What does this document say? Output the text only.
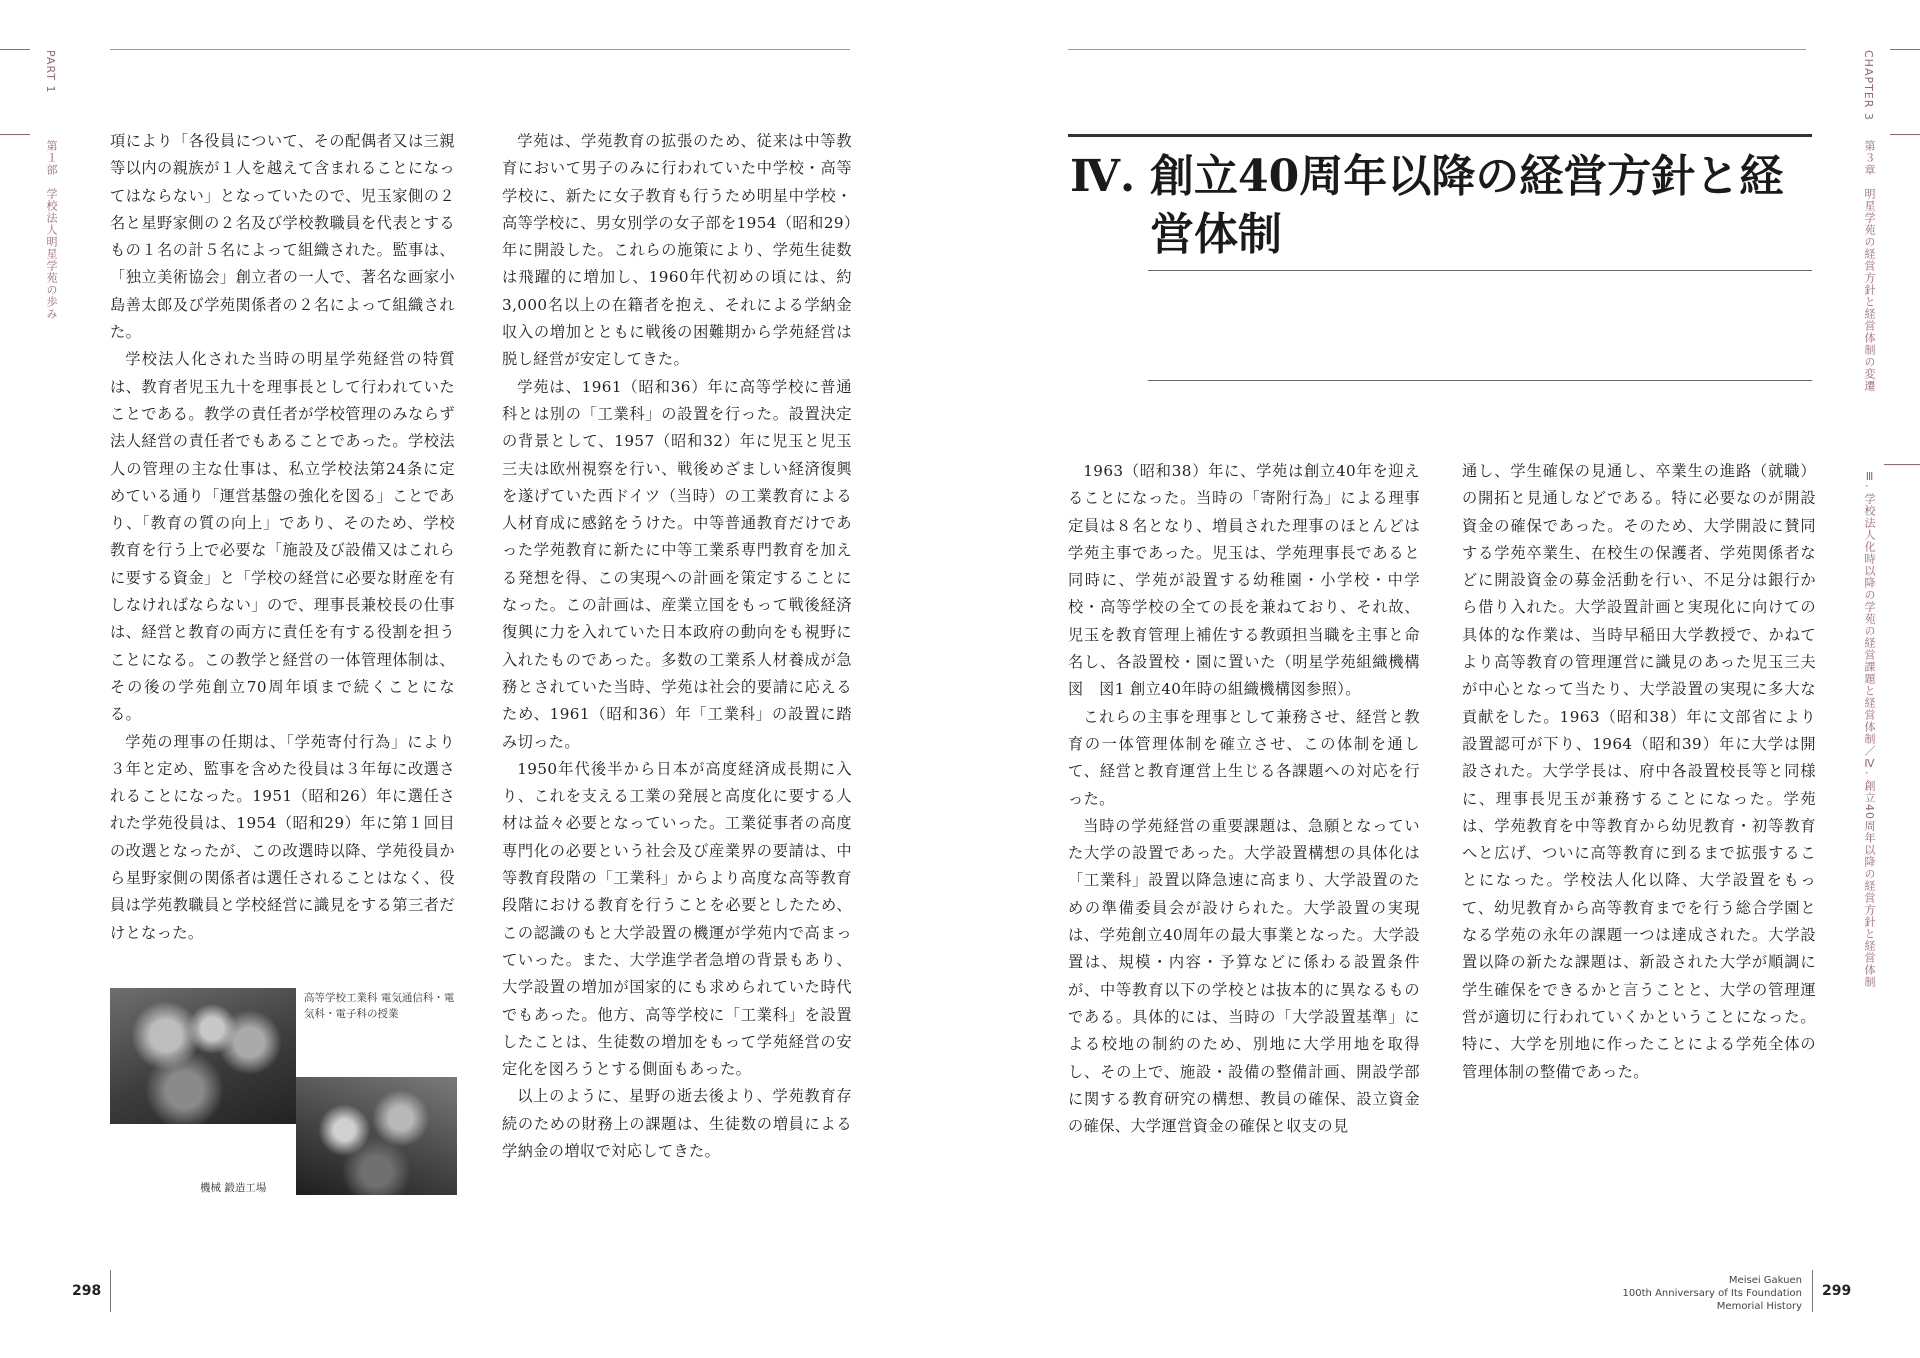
PART 1
第１部　学校法人明星学苑の歩み
CHAPTER 3
第３章　明星学苑の経営方針と経営体制の変遷
Ⅲ. 学校法人化時以降の学苑の経営課題と経営体制／Ⅳ. 創立40周年以降の経営方針と経営体制

項により「各役員について、その配偶者又は三親等以内の親族が１人を越えて含まれることになってはならない」となっていたので、児玉家側の２名と星野家側の２名及び学校教職員を代表とするもの１名の計５名によって組織された。監事は、「独立美術協会」創立者の一人で、著名な画家小島善太郎及び学苑関係者の２名によって組織された。

学校法人化された当時の明星学苑経営の特質は、教育者児玉九十を理事長として行われていたことである。教学の責任者が学校管理のみならず法人経営の責任者でもあることであった。学校法人の管理の主な仕事は、私立学校法第24条に定めている通り「運営基盤の強化を図る」ことであり、「教育の質の向上」であり、そのため、学校教育を行う上で必要な「施設及び設備又はこれらに要する資金」と「学校の経営に必要な財産を有しなければならない」ので、理事長兼校長の仕事は、経営と教育の両方に責任を有する役割を担うことになる。この教学と経営の一体管理体制は、その後の学苑創立70周年頃まで続くことになる。

学苑の理事の任期は、「学苑寄付行為」により３年と定め、監事を含めた役員は３年毎に改選されることになった。1951（昭和26）年に選任された学苑役員は、1954（昭和29）年に第１回目の改選となったが、この改選時以降、学苑役員から星野家側の関係者は選任されることはなく、役員は学苑教職員と学校経営に識見をする第三者だけとなった。

学苑は、学苑教育の拡張のため、従来は中等教育において男子のみに行われていた中学校・高等学校に、新たに女子教育も行うため明星中学校・高等学校に、男女別学の女子部を1954（昭和29）年に開設した。これらの施策により、学苑生徒数は飛躍的に増加し、1960年代初めの頃には、約3,000名以上の在籍者を抱え、それによる学納金収入の増加とともに戦後の困難期から学苑経営は脱し経営が安定してきた。

学苑は、1961（昭和36）年に高等学校に普通科とは別の「工業科」の設置を行った。設置決定の背景として、1957（昭和32）年に児玉と児玉三夫は欧州視察を行い、戦後めざましい経済復興を遂げていた西ドイツ（当時）の工業教育による人材育成に感銘をうけた。中等普通教育だけであった学苑教育に新たに中等工業系専門教育を加える発想を得、この実現への計画を策定することになった。この計画は、産業立国をもって戦後経済復興に力を入れていた日本政府の動向をも視野に入れたものであった。多数の工業系人材養成が急務とされていた当時、学苑は社会的要請に応えるため、1961（昭和36）年「工業科」の設置に踏み切った。

1950年代後半から日本が高度経済成長期に入り、これを支える工業の発展と高度化に要する人材は益々必要となっていった。工業従事者の高度専門化の必要という社会及び産業界の要請は、中等教育段階の「工業科」からより高度な高等教育段階における教育を行うことを必要としたため、この認識のもと大学設置の機運が学苑内で高まっていった。また、大学進学者急増の背景もあり、大学設置の増加が国家的にも求められていた時代でもあった。他方、高等学校に「工業科」を設置したことは、生徒数の増加をもって学苑経営の安定化を図ろうとする側面もあった。

以上のように、星野の逝去後より、学苑教育存続のための財務上の課題は、生徒数の増員による学納金の増収で対応してきた。

高等学校工業科 電気通信科・電気科・電子科の授業
機械 鍛造工場
Ⅳ. 創立40周年以降の経営方針と経営体制

1963（昭和38）年に、学苑は創立40年を迎えることになった。当時の「寄附行為」による理事定員は８名となり、増員された理事のほとんどは学苑主事であった。児玉は、学苑理事長であると同時に、学苑が設置する幼稚園・小学校・中学校・高等学校の全ての長を兼ねており、それ故、児玉を教育管理上補佐する教頭担当職を主事と命名し、各設置校・園に置いた（明星学苑組織機構図　図1 創立40年時の組織機構図参照）。

これらの主事を理事として兼務させ、経営と教育の一体管理体制を確立させ、この体制を通して、経営と教育運営上生じる各課題への対応を行った。

当時の学苑経営の重要課題は、急願となっていた大学の設置であった。大学設置構想の具体化は「工業科」設置以降急速に高まり、大学設置のための準備委員会が設けられた。大学設置の実現は、学苑創立40周年の最大事業となった。大学設置は、規模・内容・予算などに係わる設置条件が、中等教育以下の学校とは抜本的に異なるものである。具体的には、当時の「大学設置基準」による校地の制約のため、別地に大学用地を取得し、その上で、施設・設備の整備計画、開設学部に関する教育研究の構想、教員の確保、設立資金の確保、大学運営資金の確保と収支の見

通し、学生確保の見通し、卒業生の進路（就職）の開拓と見通しなどである。特に必要なのが開設資金の確保であった。そのため、大学開設に賛同する学苑卒業生、在校生の保護者、学苑関係者などに開設資金の募金活動を行い、不足分は銀行から借り入れた。大学設置計画と実現化に向けての具体的な作業は、当時早稲田大学教授で、かねてより高等教育の管理運営に識見のあった児玉三夫が中心となって当たり、大学設置の実現に多大な貢献をした。1963（昭和38）年に文部省により設置認可が下り、1964（昭和39）年に大学は開設された。大学学長は、府中各設置校長等と同様に、理事長児玉が兼務することになった。学苑は、学苑教育を中等教育から幼児教育・初等教育へと広げ、ついに高等教育に到るまで拡張することになった。学校法人化以降、大学設置をもって、幼児教育から高等教育までを行う総合学園となる学苑の永年の課題一つは達成された。大学設置以降の新たな課題は、新設された大学が順調に学生確保をできるかと言うことと、大学の管理運営が適切に行われていくかということになった。特に、大学を別地に作ったことによる学苑全体の管理体制の整備であった。

298
Meisei Gakuen
100th Anniversary of Its Foundation
Memorial History
299
